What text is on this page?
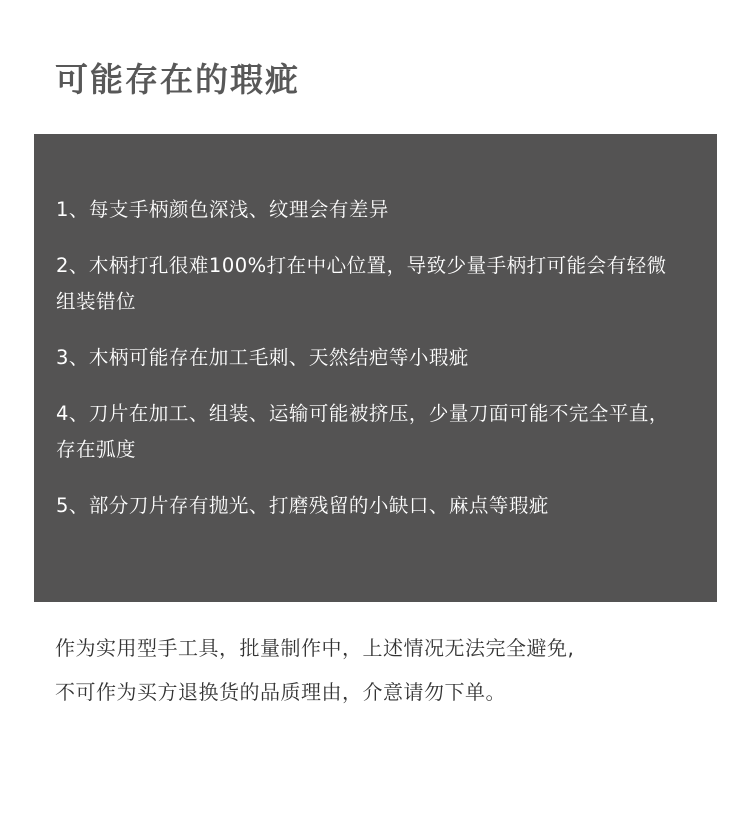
可能存在的瑕疵
1、每支手柄颜色深浅、纹理会有差异
2、木柄打孔很难100%打在中心位置，导致少量手柄打可能会有轻微组装错位
3、木柄可能存在加工毛刺、天然结疤等小瑕疵
4、刀片在加工、组装、运输可能被挤压，少量刀面可能不完全平直，存在弧度
5、部分刀片存有抛光、打磨残留的小缺口、麻点等瑕疵
作为实用型手工具，批量制作中，上述情况无法完全避免,
不可作为买方退换货的品质理由，介意请勿下单。
